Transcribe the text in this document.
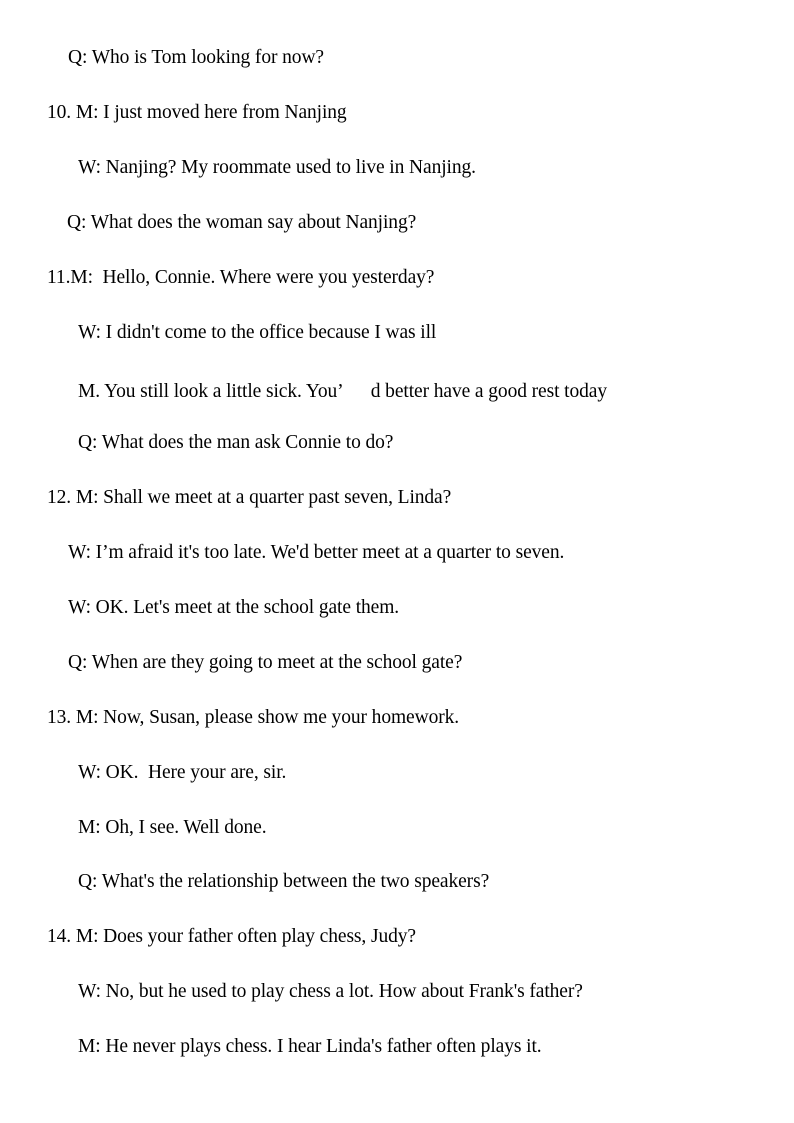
Q: Who is Tom looking for now?
10. M: I just moved here from Nanjing
W: Nanjing? My roommate used to live in Nanjing.
Q: What does the woman say about Nanjing?
11.M:  Hello, Connie. Where were you yesterday?
W: I didn't come to the office because I was ill
M. You still look a little sick. You’      d better have a good rest today
Q: What does the man ask Connie to do?
12. M: Shall we meet at a quarter past seven, Linda?
W: I’m afraid it's too late. We'd better meet at a quarter to seven.
W: OK. Let's meet at the school gate them.
Q: When are they going to meet at the school gate?
13. M: Now, Susan, please show me your homework.
W: OK.  Here your are, sir.
M: Oh, I see. Well done.
Q: What's the relationship between the two speakers?
14. M: Does your father often play chess, Judy?
W: No, but he used to play chess a lot. How about Frank's father?
M: He never plays chess. I hear Linda's father often plays it.
